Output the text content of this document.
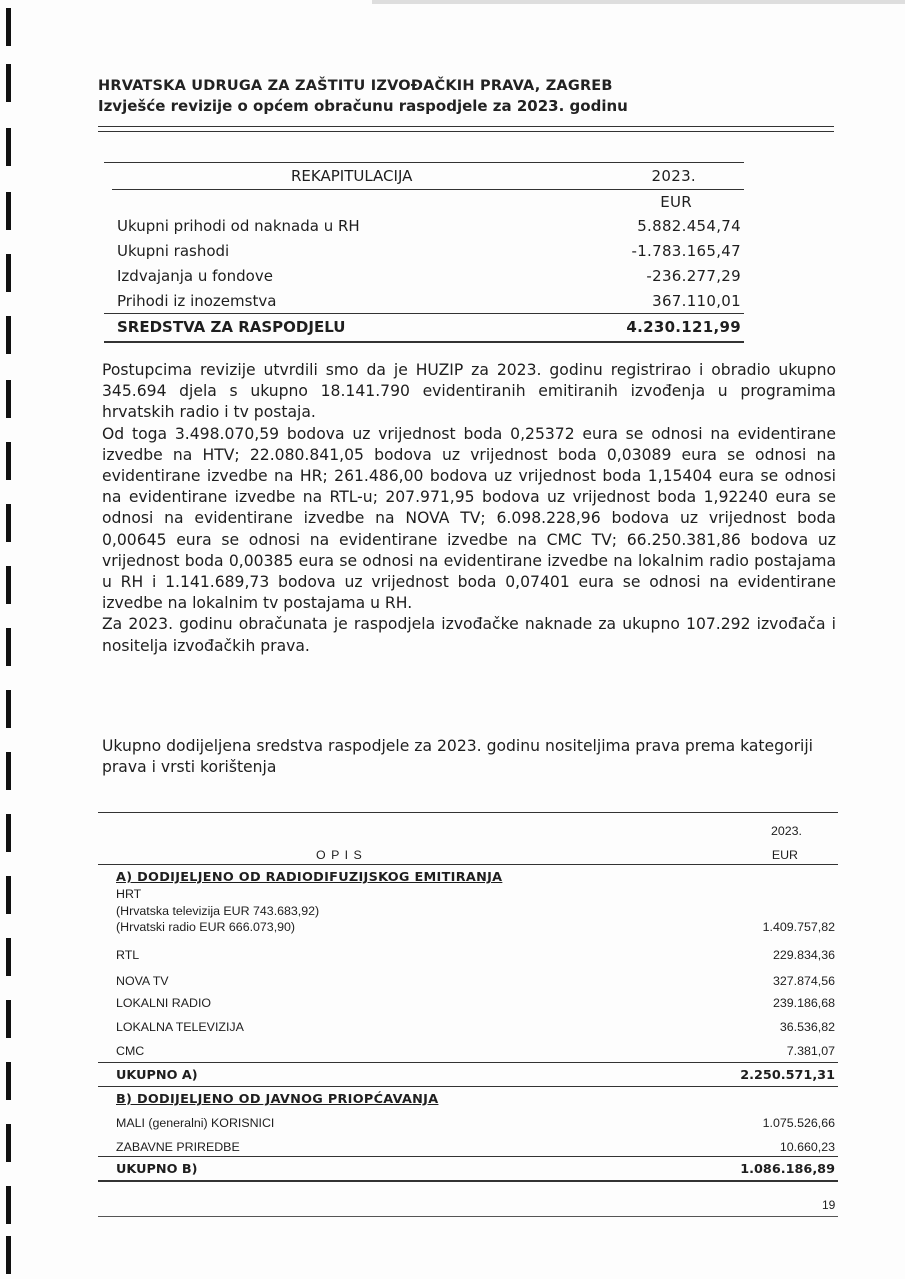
HRVATSKA UDRUGA ZA ZAŠTITU IZVOĐAČKIH PRAVA, ZAGREB
Izvješće revizije o općem obračunu raspodjele za 2023. godinu
REKAPITULACIJA	2023.
EUR
Ukupni prihodi od naknada u RH	5.882.454,74
Ukupni rashodi	-1.783.165,47
Izdvajanja u fondove	-236.277,29
Prihodi iz inozemstva	367.110,01
SREDSTVA ZA RASPODJELU	4.230.121,99

Postupcima revizije utvrdili smo da je HUZIP za 2023. godinu registrirao i obradio ukupno 345.694 djela s ukupno 18.141.790 evidentiranih emitiranih izvođenja u programima hrvatskih radio i tv postaja.

Od toga 3.498.070,59 bodova uz vrijednost boda 0,25372 eura se odnosi na evidentirane izvedbe na HTV; 22.080.841,05 bodova uz vrijednost boda 0,03089 eura se odnosi na evidentirane izvedbe na HR; 261.486,00 bodova uz vrijednost boda 1,15404 eura se odnosi na evidentirane izvedbe na RTL-u; 207.971,95 bodova uz vrijednost boda 1,92240 eura se odnosi na evidentirane izvedbe na NOVA TV; 6.098.228,96 bodova uz vrijednost boda 0,00645 eura se odnosi na evidentirane izvedbe na CMC TV; 66.250.381,86 bodova uz vrijednost boda 0,00385 eura se odnosi na evidentirane izvedbe na lokalnim radio postajama u RH i 1.141.689,73 bodova uz vrijednost boda 0,07401 eura se odnosi na evidentirane izvedbe na lokalnim tv postajama u RH.

Za 2023. godinu obračunata je raspodjela izvođačke naknade za ukupno 107.292 izvođača i nositelja izvođačkih prava.

Ukupno dodijeljena sredstva raspodjele za 2023. godinu nositeljima prava prema kategoriji prava i vrsti korištenja
2023.
O P I S	EUR
A) DODIJELJENO OD RADIODIFUZIJSKOG EMITIRANJA
HRT
(Hrvatska televizija EUR 743.683,92)
(Hrvatski radio EUR 666.073,90)	1.409.757,82
RTL	229.834,36
NOVA TV	327.874,56
LOKALNI RADIO	239.186,68
LOKALNA TELEVIZIJA	36.536,82
CMC	7.381,07
UKUPNO A)	2.250.571,31
B) DODIJELJENO OD JAVNOG PRIOPĆAVANJA
MALI (generalni) KORISNICI	1.075.526,66
ZABAVNE PRIREDBE	10.660,23
UKUPNO B)	1.086.186,89
19
